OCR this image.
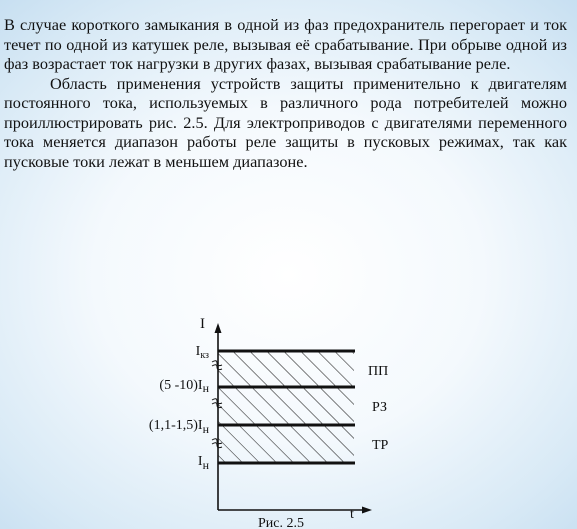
В случае короткого замыкания в одной из фаз предохранитель перегорает и ток течет по одной из катушек реле, вызывая её срабатывание. При обрыве одной из фаз возрастает ток нагрузки в других фазах, вызывая срабатывание реле.

Область применения устройств защиты применительно к двигателям постоянного тока, используемых в различного рода потребителей можно проиллюстрировать рис. 2.5. Для электроприводов с двигателями переменного тока меняется диапазон работы реле защиты в пусковых режимах, так как пусковые токи лежат в меньшем диапазоне.

I
t
$I_{кз}$
(5 -10)Iн
(1,1-1,5)Iн
Iн
ПП
РЗ
ТР
Рис. 2.5
